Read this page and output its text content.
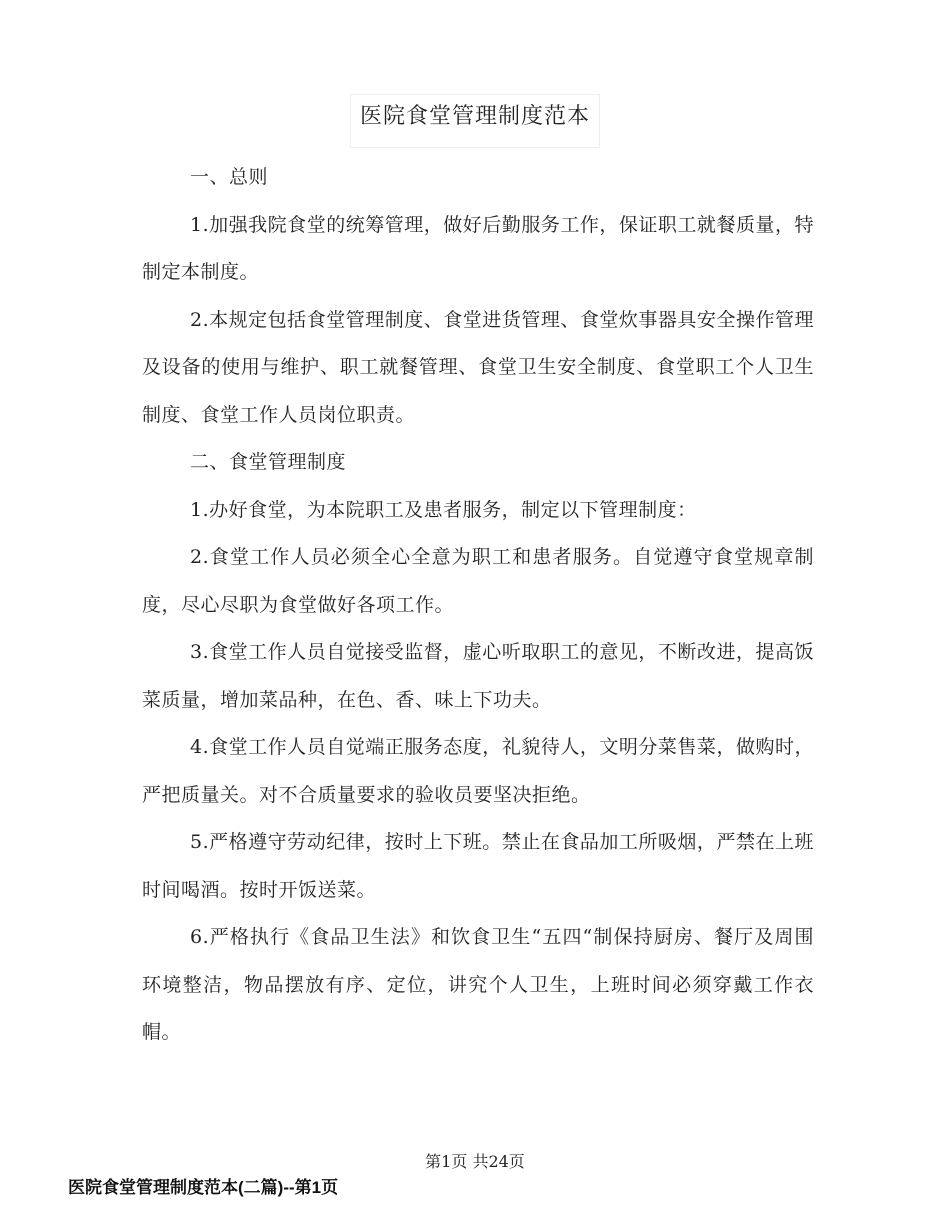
医院食堂管理制度范本

一、总则

1.加强我院食堂的统筹管理，做好后勤服务工作，保证职工就餐质量，特制定本制度。

2.本规定包括食堂管理制度、食堂进货管理、食堂炊事器具安全操作管理及设备的使用与维护、职工就餐管理、食堂卫生安全制度、食堂职工个人卫生制度、食堂工作人员岗位职责。

二、食堂管理制度

1.办好食堂，为本院职工及患者服务，制定以下管理制度：

2.食堂工作人员必须全心全意为职工和患者服务。自觉遵守食堂规章制度，尽心尽职为食堂做好各项工作。

3.食堂工作人员自觉接受监督，虚心听取职工的意见，不断改进，提高饭菜质量，增加菜品种，在色、香、味上下功夫。

4.食堂工作人员自觉端正服务态度，礼貌待人，文明分菜售菜，做购时，严把质量关。对不合质量要求的验收员要坚决拒绝。

5.严格遵守劳动纪律，按时上下班。禁止在食品加工所吸烟，严禁在上班时间喝酒。按时开饭送菜。

6.严格执行《食品卫生法》和饮食卫生“五四“制保持厨房、餐厅及周围环境整洁，物品摆放有序、定位，讲究个人卫生，上班时间必须穿戴工作衣帽。

第1页 共24页
医院食堂管理制度范本(二篇)--第1页
